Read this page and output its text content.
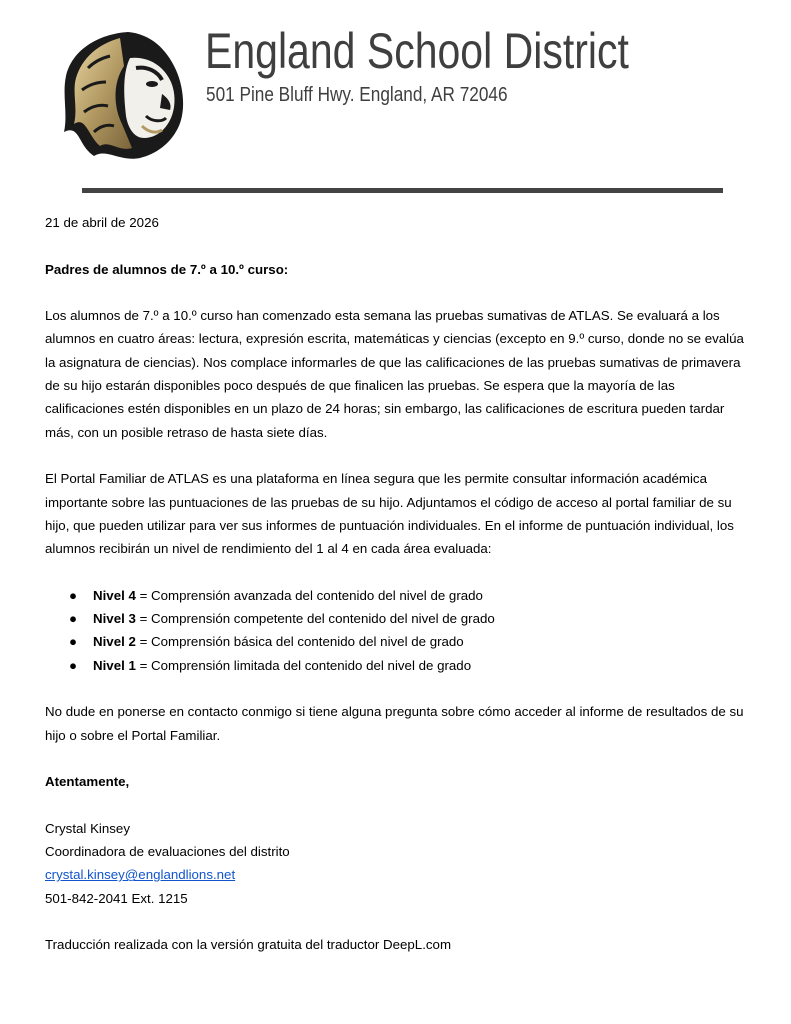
England School District
501 Pine Bluff Hwy. England, AR 72046

21 de abril de 2026

Padres de alumnos de 7.º a 10.º curso:

Los alumnos de 7.º a 10.º curso han comenzado esta semana las pruebas sumativas de ATLAS. Se evaluará a los alumnos en cuatro áreas: lectura, expresión escrita, matemáticas y ciencias (excepto en 9.º curso, donde no se evalúa la asignatura de ciencias). Nos complace informarles de que las calificaciones de las pruebas sumativas de primavera de su hijo estarán disponibles poco después de que finalicen las pruebas. Se espera que la mayoría de las calificaciones estén disponibles en un plazo de 24 horas; sin embargo, las calificaciones de escritura pueden tardar más, con un posible retraso de hasta siete días.

El Portal Familiar de ATLAS es una plataforma en línea segura que les permite consultar información académica importante sobre las puntuaciones de las pruebas de su hijo. Adjuntamos el código de acceso al portal familiar de su hijo, que pueden utilizar para ver sus informes de puntuación individuales. En el informe de puntuación individual, los alumnos recibirán un nivel de rendimiento del 1 al 4 en cada área evaluada:

● Nivel 4 = Comprensión avanzada del contenido del nivel de grado
● Nivel 3 = Comprensión competente del contenido del nivel de grado
● Nivel 2 = Comprensión básica del contenido del nivel de grado
● Nivel 1 = Comprensión limitada del contenido del nivel de grado

No dude en ponerse en contacto conmigo si tiene alguna pregunta sobre cómo acceder al informe de resultados de su hijo o sobre el Portal Familiar.

Atentamente,

Crystal Kinsey

Coordinadora de evaluaciones del distrito

crystal.kinsey@englandlions.net

501-842-2041 Ext. 1215

Traducción realizada con la versión gratuita del traductor DeepL.com
